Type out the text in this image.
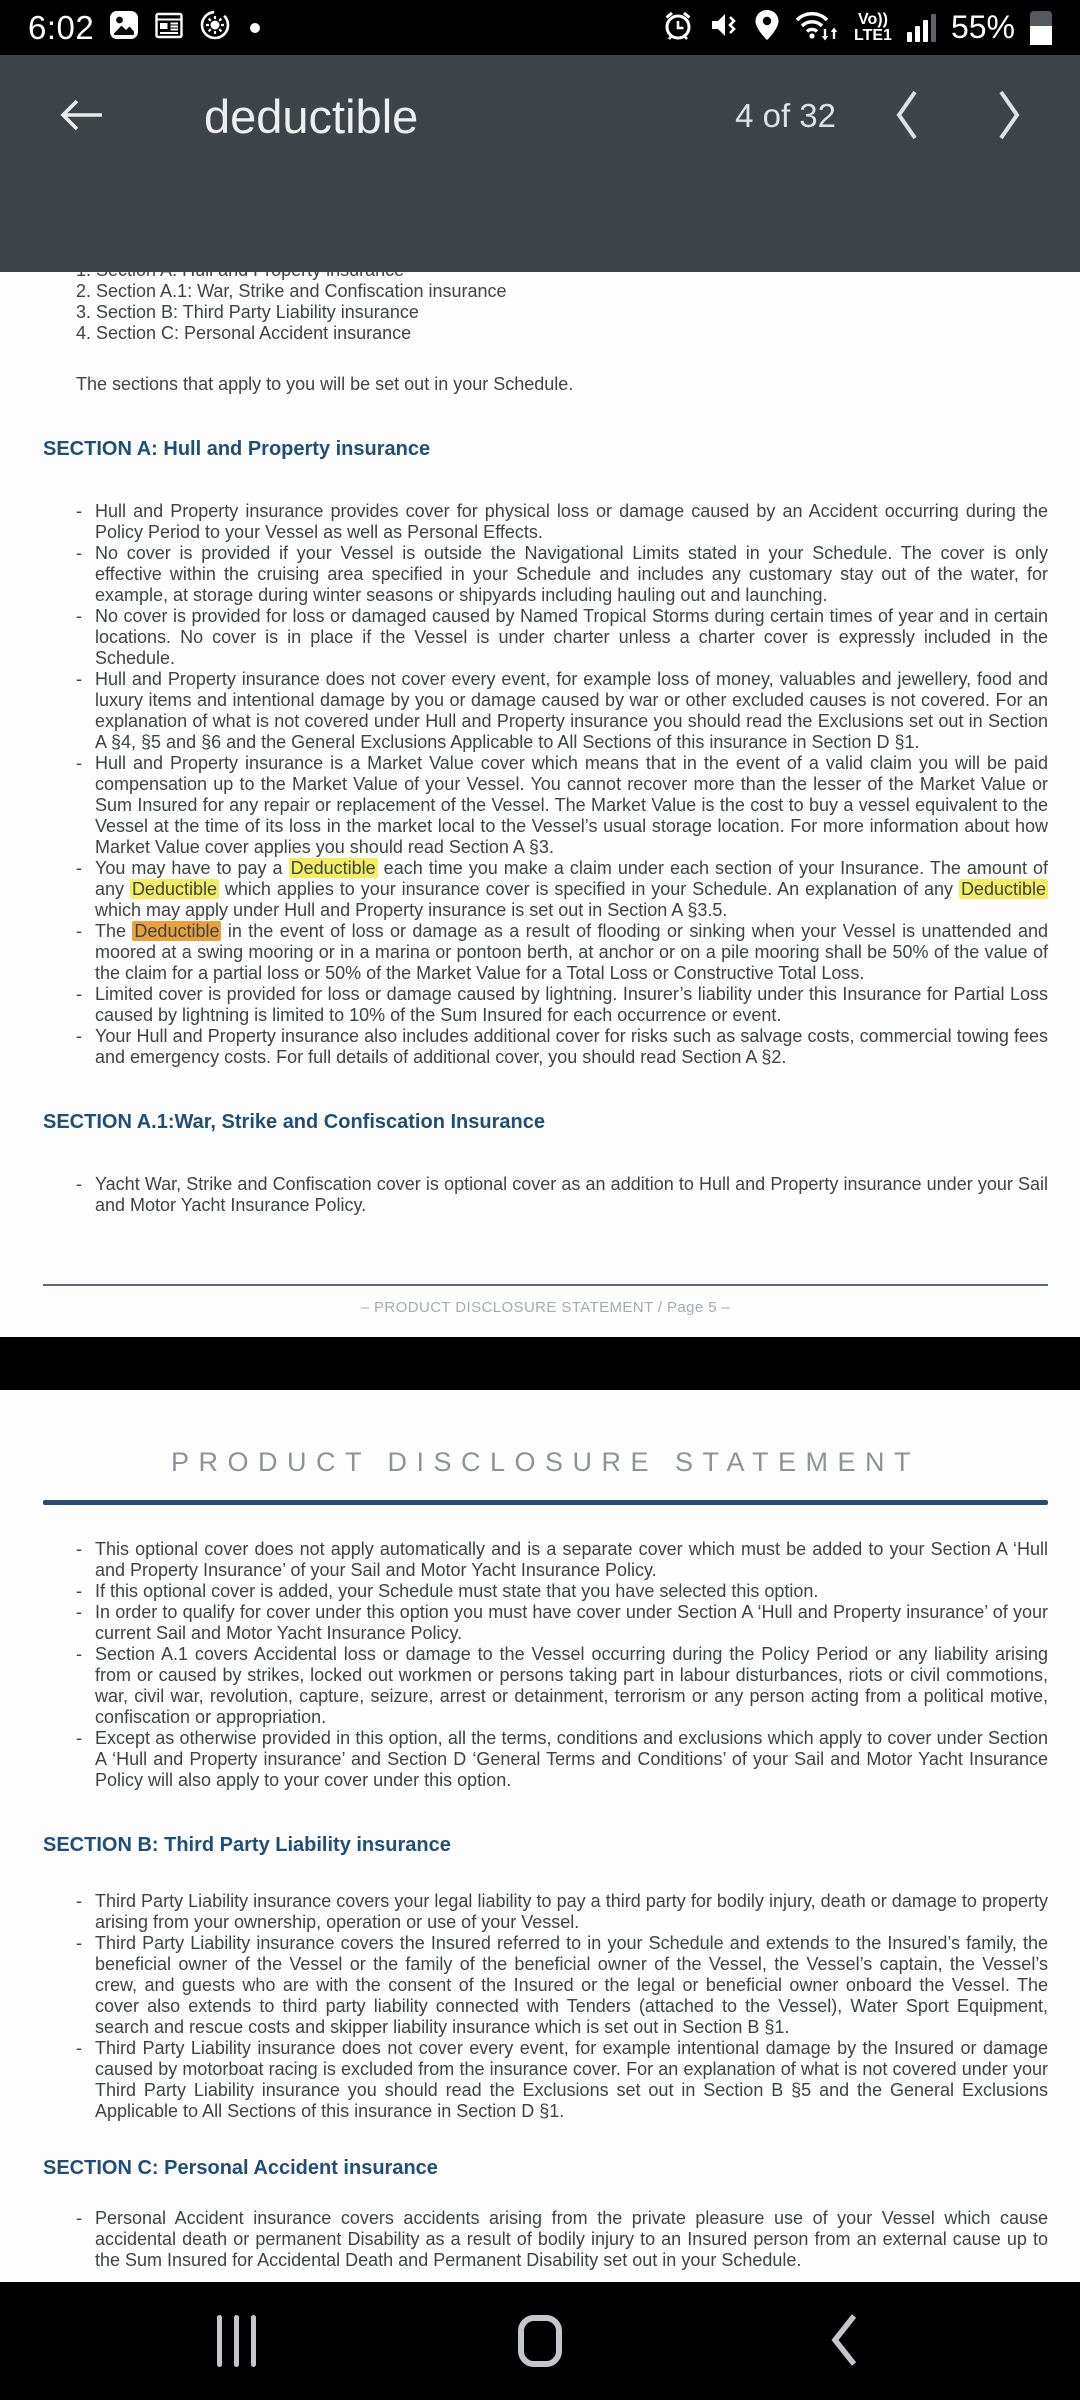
6:02	Vo))
LTE1 55%
deductible	4 of 32
1. Section A: Hull and Property insurance
2. Section A.1: War, Strike and Confiscation insurance
3. Section B: Third Party Liability insurance
4. Section C: Personal Accident insurance
The sections that apply to you will be set out in your Schedule.
SECTION A: Hull and Property insurance
- Hull and Property insurance provides cover for physical loss or damage caused by an Accident occurring during the Policy Period to your Vessel as well as Personal Effects.
- No cover is provided if your Vessel is outside the Navigational Limits stated in your Schedule. The cover is only effective within the cruising area specified in your Schedule and includes any customary stay out of the water, for example, at storage during winter seasons or shipyards including hauling out and launching.
- No cover is provided for loss or damaged caused by Named Tropical Storms during certain times of year and in certain locations. No cover is in place if the Vessel is under charter unless a charter cover is expressly included in the Schedule.
- Hull and Property insurance does not cover every event, for example loss of money, valuables and jewellery, food and luxury items and intentional damage by you or damage caused by war or other excluded causes is not covered. For an explanation of what is not covered under Hull and Property insurance you should read the Exclusions set out in Section A §4, §5 and §6 and the General Exclusions Applicable to All Sections of this insurance in Section D §1.
- Hull and Property insurance is a Market Value cover which means that in the event of a valid claim you will be paid compensation up to the Market Value of your Vessel. You cannot recover more than the lesser of the Market Value or Sum Insured for any repair or replacement of the Vessel. The Market Value is the cost to buy a vessel equivalent to the Vessel at the time of its loss in the market local to the Vessel’s usual storage location. For more information about how Market Value cover applies you should read Section A §3.
- You may have to pay a Deductible each time you make a claim under each section of your Insurance. The amount of any Deductible which applies to your insurance cover is specified in your Schedule. An explanation of any Deductible which may apply under Hull and Property insurance is set out in Section A §3.5.
- The Deductible in the event of loss or damage as a result of flooding or sinking when your Vessel is unattended and moored at a swing mooring or in a marina or pontoon berth, at anchor or on a pile mooring shall be 50% of the value of the claim for a partial loss or 50% of the Market Value for a Total Loss or Constructive Total Loss.
- Limited cover is provided for loss or damage caused by lightning. Insurer’s liability under this Insurance for Partial Loss caused by lightning is limited to 10% of the Sum Insured for each occurrence or event.
- Your Hull and Property insurance also includes additional cover for risks such as salvage costs, commercial towing fees and emergency costs. For full details of additional cover, you should read Section A §2.
SECTION A.1:War, Strike and Confiscation Insurance
- Yacht War, Strike and Confiscation cover is optional cover as an addition to Hull and Property insurance under your Sail and Motor Yacht Insurance Policy.
– PRODUCT DISCLOSURE STATEMENT / Page 5 –
PRODUCT DISCLOSURE STATEMENT
- This optional cover does not apply automatically and is a separate cover which must be added to your Section A ‘Hull and Property Insurance’ of your Sail and Motor Yacht Insurance Policy.
- If this optional cover is added, your Schedule must state that you have selected this option.
- In order to qualify for cover under this option you must have cover under Section A ‘Hull and Property insurance’ of your current Sail and Motor Yacht Insurance Policy.
- Section A.1 covers Accidental loss or damage to the Vessel occurring during the Policy Period or any liability arising from or caused by strikes, locked out workmen or persons taking part in labour disturbances, riots or civil commotions, war, civil war, revolution, capture, seizure, arrest or detainment, terrorism or any person acting from a political motive, confiscation or appropriation.
- Except as otherwise provided in this option, all the terms, conditions and exclusions which apply to cover under Section A ‘Hull and Property insurance’ and Section D ‘General Terms and Conditions’ of your Sail and Motor Yacht Insurance Policy will also apply to your cover under this option.
SECTION B: Third Party Liability insurance
- Third Party Liability insurance covers your legal liability to pay a third party for bodily injury, death or damage to property arising from your ownership, operation or use of your Vessel.
- Third Party Liability insurance covers the Insured referred to in your Schedule and extends to the Insured’s family, the beneficial owner of the Vessel or the family of the beneficial owner of the Vessel, the Vessel’s captain, the Vessel’s crew, and guests who are with the consent of the Insured or the legal or beneficial owner onboard the Vessel. The cover also extends to third party liability connected with Tenders (attached to the Vessel), Water Sport Equipment, search and rescue costs and skipper liability insurance which is set out in Section B §1.
- Third Party Liability insurance does not cover every event, for example intentional damage by the Insured or damage caused by motorboat racing is excluded from the insurance cover. For an explanation of what is not covered under your Third Party Liability insurance you should read the Exclusions set out in Section B §5 and the General Exclusions Applicable to All Sections of this insurance in Section D §1.
SECTION C: Personal Accident insurance
- Personal Accident insurance covers accidents arising from the private pleasure use of your Vessel which cause accidental death or permanent Disability as a result of bodily injury to an Insured person from an external cause up to the Sum Insured for Accidental Death and Permanent Disability set out in your Schedule.
